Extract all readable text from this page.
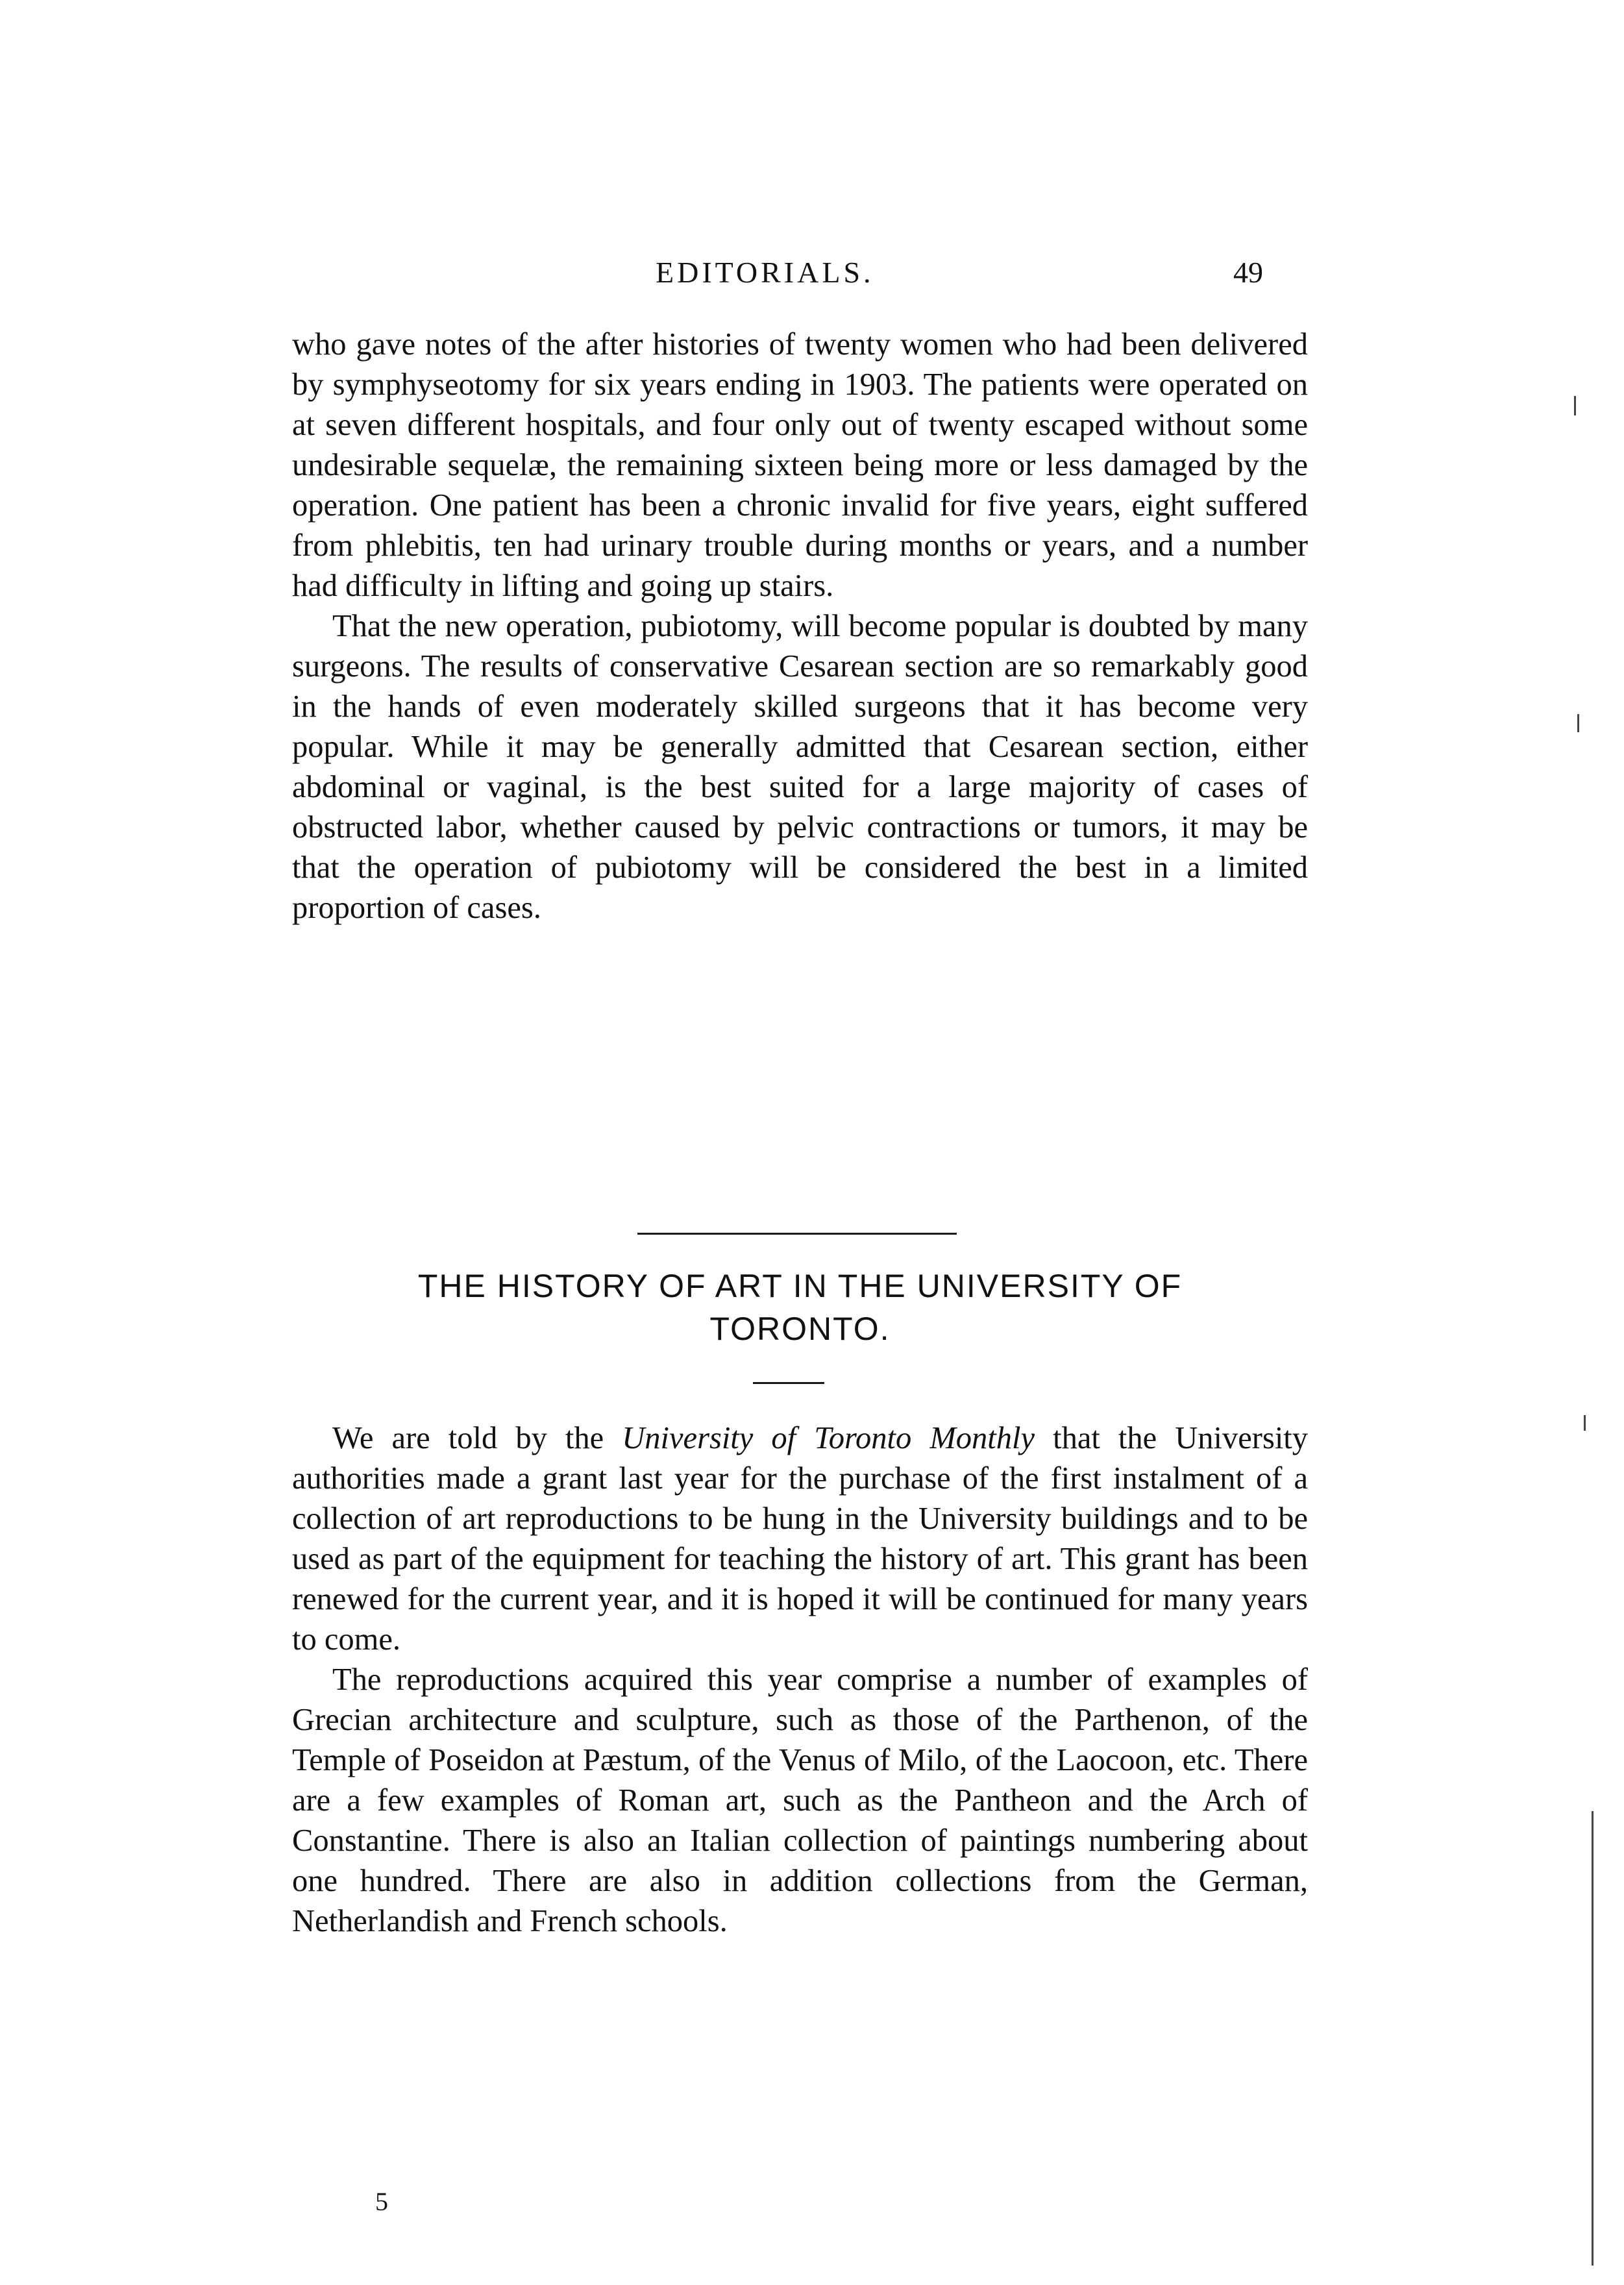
EDITORIALS.	49

who gave notes of the after histories of twenty women who had been delivered by symphyseotomy for six years ending in 1903. The patients were operated on at seven different hospitals, and four only out of twenty escaped without some undesirable sequelæ, the remaining sixteen being more or less damaged by the operation. One patient has been a chronic invalid for five years, eight suffered from phlebitis, ten had urinary trouble during months or years, and a number had difficulty in lifting and going up stairs.

That the new operation, pubiotomy, will become popular is doubted by many surgeons. The results of conservative Cesarean section are so remarkably good in the hands of even moderately skilled surgeons that it has become very popular. While it may be generally admitted that Cesarean section, either abdominal or vaginal, is the best suited for a large majority of cases of obstructed labor, whether caused by pelvic contractions or tumors, it may be that the operation of pubiotomy will be considered the best in a limited proportion of cases.

THE HISTORY OF ART IN THE UNIVERSITY OF
TORONTO.

We are told by the University of Toronto Monthly that the University authorities made a grant last year for the purchase of the first instalment of a collection of art reproductions to be hung in the University buildings and to be used as part of the equipment for teaching the history of art. This grant has been renewed for the current year, and it is hoped it will be continued for many years to come.

The reproductions acquired this year comprise a number of examples of Grecian architecture and sculpture, such as those of the Parthenon, of the Temple of Poseidon at Pæstum, of the Venus of Milo, of the Laocoon, etc. There are a few examples of Roman art, such as the Pantheon and the Arch of Constantine. There is also an Italian collection of paintings numbering about one hundred. There are also in addition collections from the German, Netherlandish and French schools.

5
